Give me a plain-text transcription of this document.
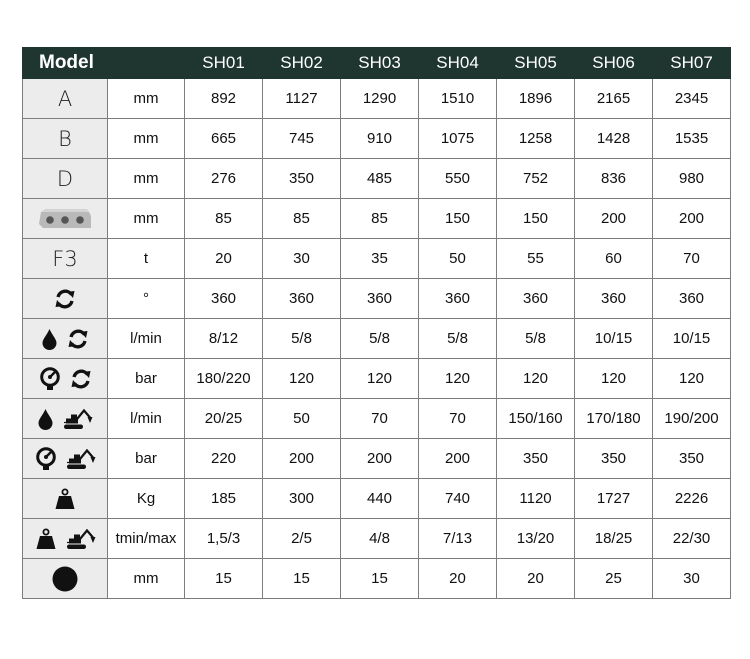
Model		SH01	SH02	SH03	SH04	SH05	SH06	SH07
A	mm	892	1127	1290	1510	1896	2165	2345
B	mm	665	745	910	1075	1258	1428	1535
D	mm	276	350	485	550	752	836	980

	mm	85	85	85	150	150	200	200
F3	t	20	30	35	50	55	60	70

	°	360	360	360	360	360	360	360

	l/min	8/12	5/8	5/8	5/8	5/8	10/15	10/15

	bar	180/220	120	120	120	120	120	120

	l/min	20/25	50	70	70	150/160	170/180	190/200

	bar	220	200	200	200	350	350	350

	Kg	185	300	440	740	1120	1727	2226

	tmin/max	1,5/3	2/5	4/8	7/13	13/20	18/25	22/30

	mm	15	15	15	20	20	25	30
